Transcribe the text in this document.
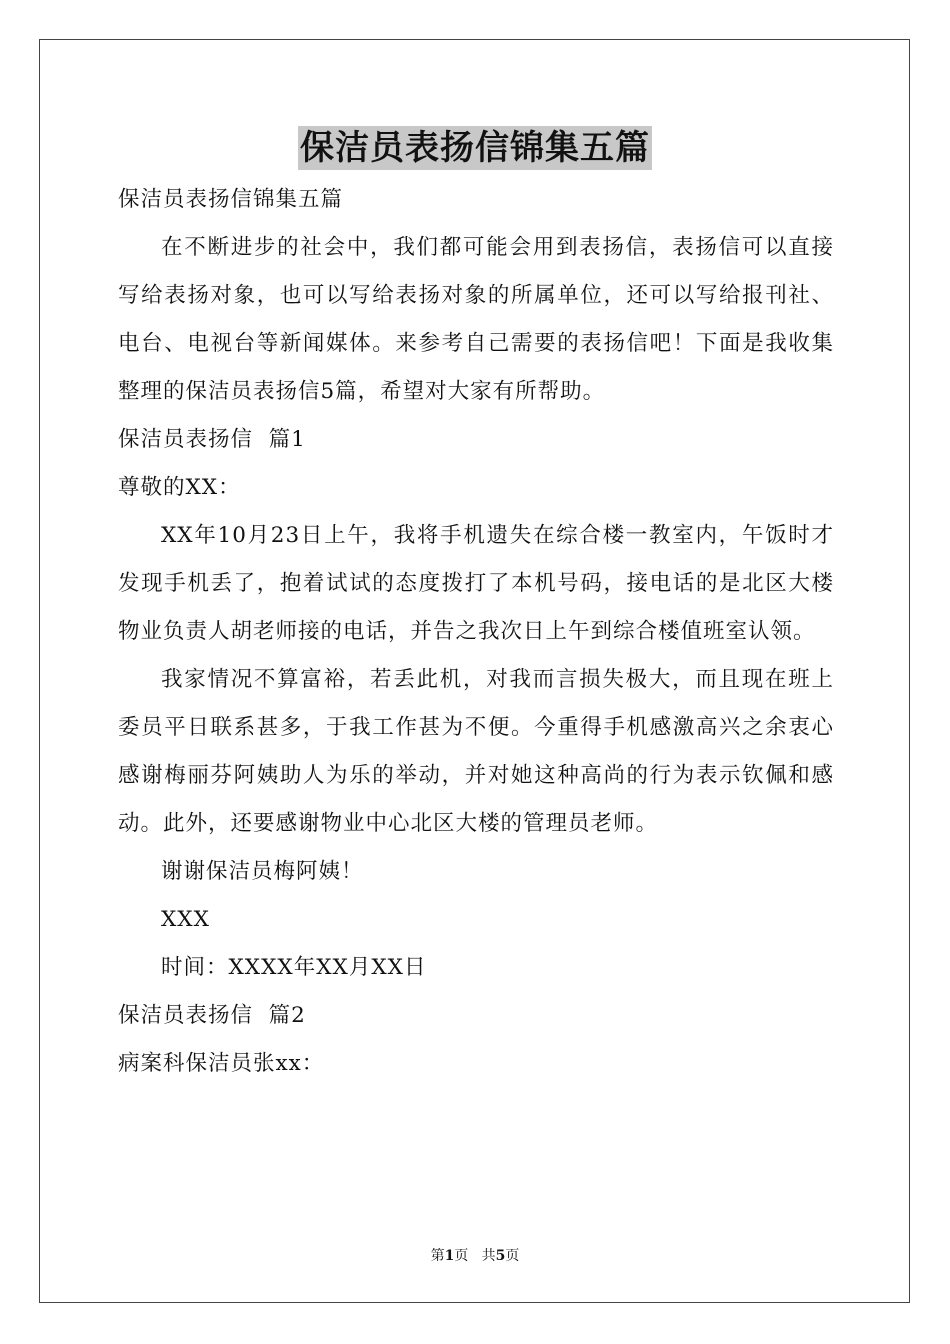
保洁员表扬信锦集五篇
保洁员表扬信锦集五篇

在不断进步的社会中，我们都可能会用到表扬信，表扬信可以直接写给表扬对象，也可以写给表扬对象的所属单位，还可以写给报刊社、电台、电视台等新闻媒体。来参考自己需要的表扬信吧！下面是我收集整理的保洁员表扬信5篇，希望对大家有所帮助。

保洁员表扬信  篇1
尊敬的XX：

XX年10月23日上午，我将手机遗失在综合楼一教室内，午饭时才发现手机丢了，抱着试试的态度拨打了本机号码，接电话的是北区大楼物业负责人胡老师接的电话，并告之我次日上午到综合楼值班室认领。

我家情况不算富裕，若丢此机，对我而言损失极大，而且现在班上委员平日联系甚多，于我工作甚为不便。今重得手机感激高兴之余衷心感谢梅丽芬阿姨助人为乐的举动，并对她这种高尚的行为表示钦佩和感动。此外，还要感谢物业中心北区大楼的管理员老师。

谢谢保洁员梅阿姨！
XXX
时间：XXXX年XX月XX日
保洁员表扬信  篇2
病案科保洁员张xx：
第1页   共5页
